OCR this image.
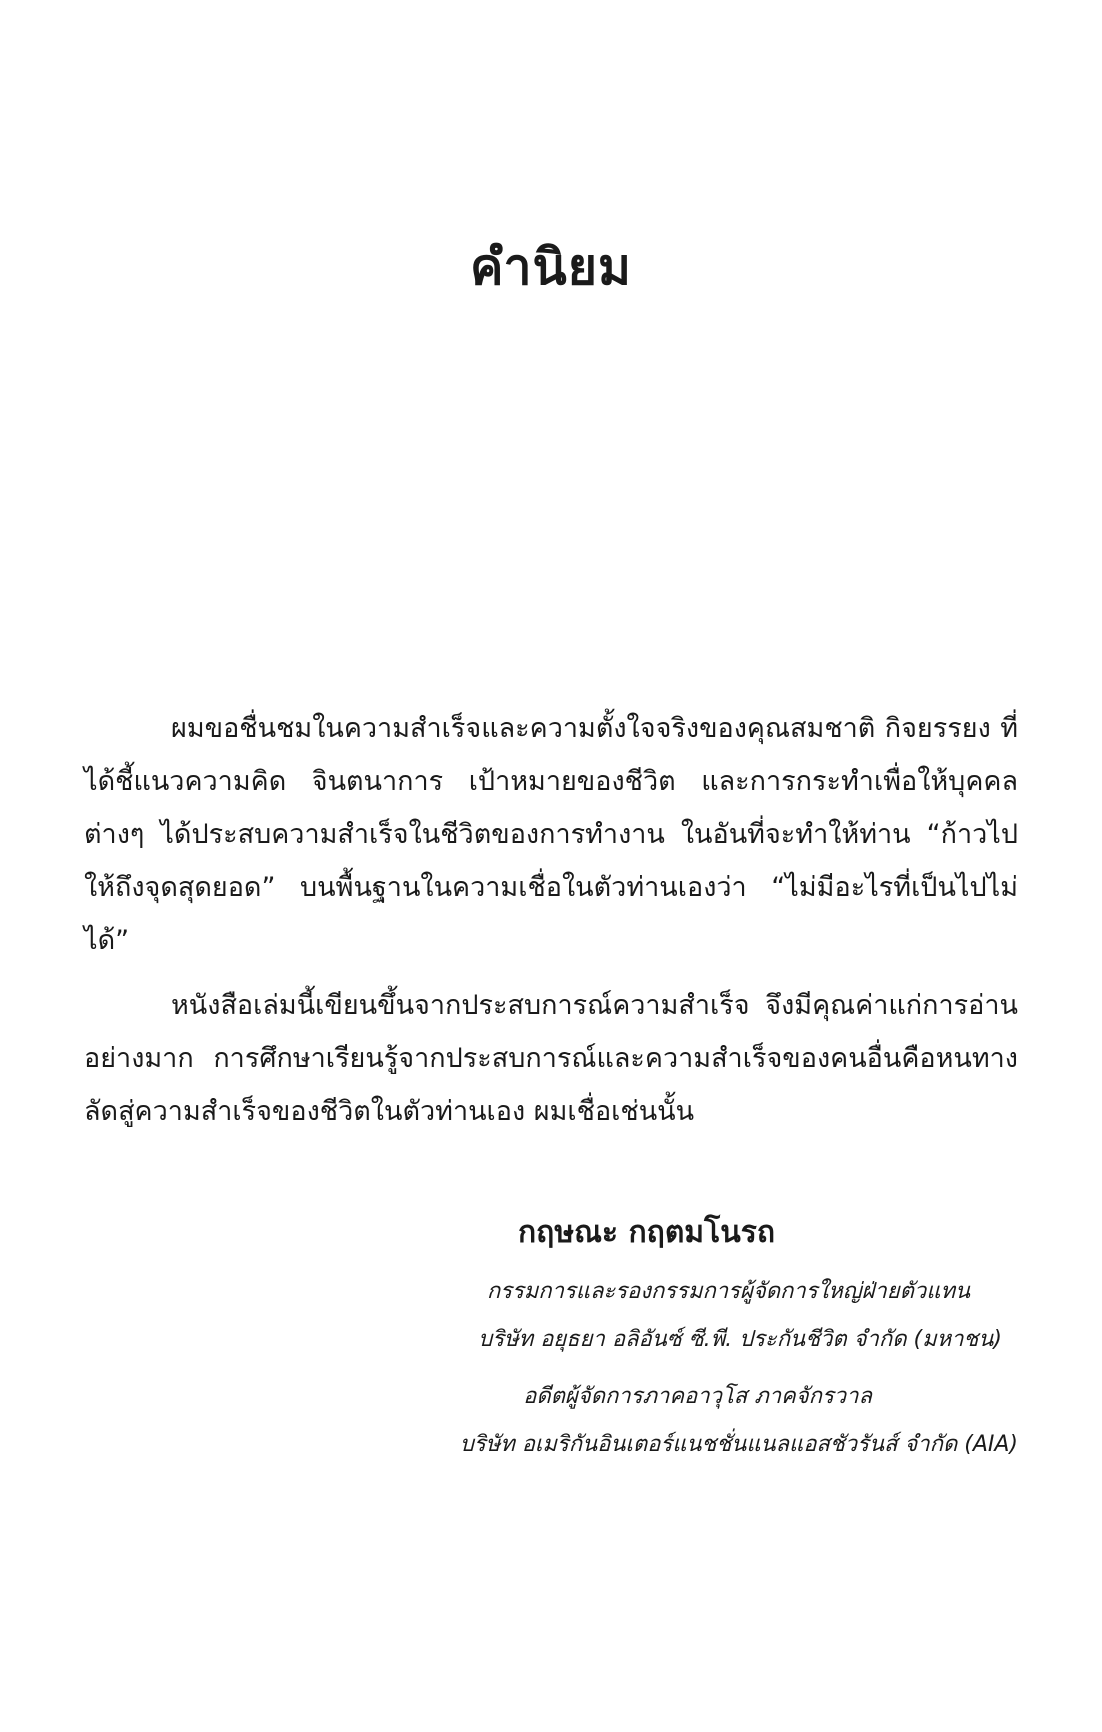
คำนิยม

ผมขอชื่นชมในความสำเร็จและความตั้งใจจริงของคุณสมชาติ กิจยรรยง ที่ได้ชี้แนวความคิด จินตนาการ เป้าหมายของชีวิต และการกระทำเพื่อให้บุคคลต่างๆ ได้ประสบความสำเร็จในชีวิตของการทำงาน ในอันที่จะทำให้ท่าน “ก้าวไปให้ถึงจุดสุดยอด” บนพื้นฐานในความเชื่อในตัวท่านเองว่า “ไม่มีอะไรที่เป็นไปไม่ได้”

หนังสือเล่มนี้เขียนขึ้นจากประสบการณ์ความสำเร็จ จึงมีคุณค่าแก่การอ่านอย่างมาก การศึกษาเรียนรู้จากประสบการณ์และความสำเร็จของคนอื่นคือหนทางลัดสู่ความสำเร็จของชีวิตในตัวท่านเอง ผมเชื่อเช่นนั้น

กฤษณะ กฤตมโนรถ

กรรมการและรองกรรมการผู้จัดการใหญ่ฝ่ายตัวแทน

บริษัท อยุธยา อลิอันซ์ ซี.พี. ประกันชีวิต จำกัด (มหาชน)

อดีตผู้จัดการภาคอาวุโส ภาคจักรวาล

บริษัท อเมริกันอินเตอร์แนชชั่นแนลแอสชัวรันส์ จำกัด (AIA)
